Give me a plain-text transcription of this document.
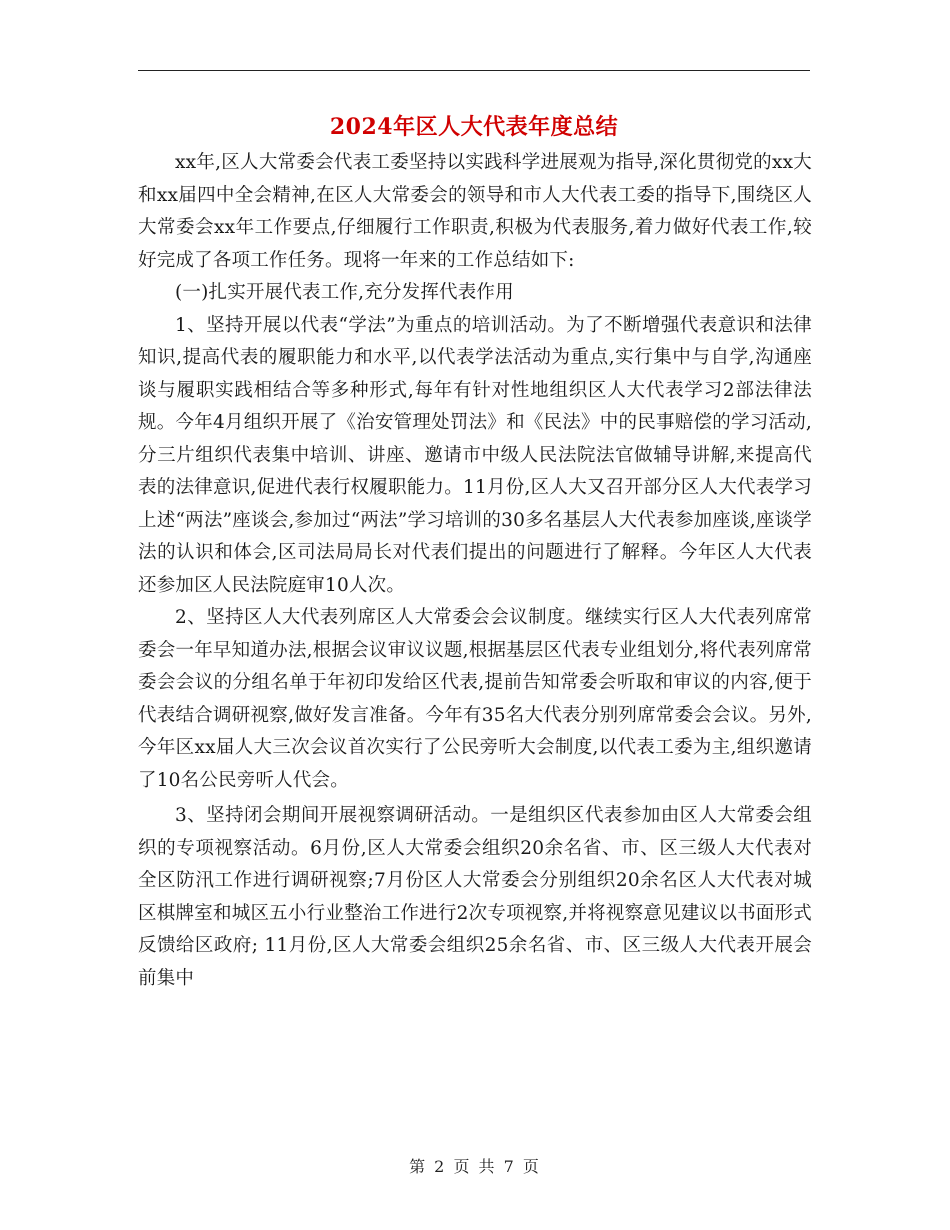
2024年区人大代表年度总结

xx年,区人大常委会代表工委坚持以实践科学进展观为指导,深化贯彻党的xx大和xx届四中全会精神,在区人大常委会的领导和市人大代表工委的指导下,围绕区人大常委会xx年工作要点,仔细履行工作职责,积极为代表服务,着力做好代表工作,较好完成了各项工作任务。现将一年来的工作总结如下:

(一)扎实开展代表工作,充分发挥代表作用

1、坚持开展以代表“学法”为重点的培训活动。为了不断增强代表意识和法律知识,提高代表的履职能力和水平,以代表学法活动为重点,实行集中与自学,沟通座谈与履职实践相结合等多种形式,每年有针对性地组织区人大代表学习2部法律法规。今年4月组织开展了《治安管理处罚法》和《民法》中的民事赔偿的学习活动,分三片组织代表集中培训、讲座、邀请市中级人民法院法官做辅导讲解,来提高代表的法律意识,促进代表行权履职能力。11月份,区人大又召开部分区人大代表学习上述“两法”座谈会,参加过“两法”学习培训的30多名基层人大代表参加座谈,座谈学法的认识和体会,区司法局局长对代表们提出的问题进行了解释。今年区人大代表还参加区人民法院庭审10人次。

2、坚持区人大代表列席区人大常委会会议制度。继续实行区人大代表列席常委会一年早知道办法,根据会议审议议题,根据基层区代表专业组划分,将代表列席常委会会议的分组名单于年初印发给区代表,提前告知常委会听取和审议的内容,便于代表结合调研视察,做好发言准备。今年有35名大代表分别列席常委会会议。另外,今年区xx届人大三次会议首次实行了公民旁听大会制度,以代表工委为主,组织邀请了10名公民旁听人代会。

3、坚持闭会期间开展视察调研活动。一是组织区代表参加由区人大常委会组织的专项视察活动。6月份,区人大常委会组织20余名省、市、区三级人大代表对全区防汛工作进行调研视察;7月份区人大常委会分别组织20余名区人大代表对城区棋牌室和城区五小行业整治工作进行2次专项视察,并将视察意见建议以书面形式反馈给区政府; 11月份,区人大常委会组织25余名省、市、区三级人大代表开展会前集中

第 2 页 共 7 页
